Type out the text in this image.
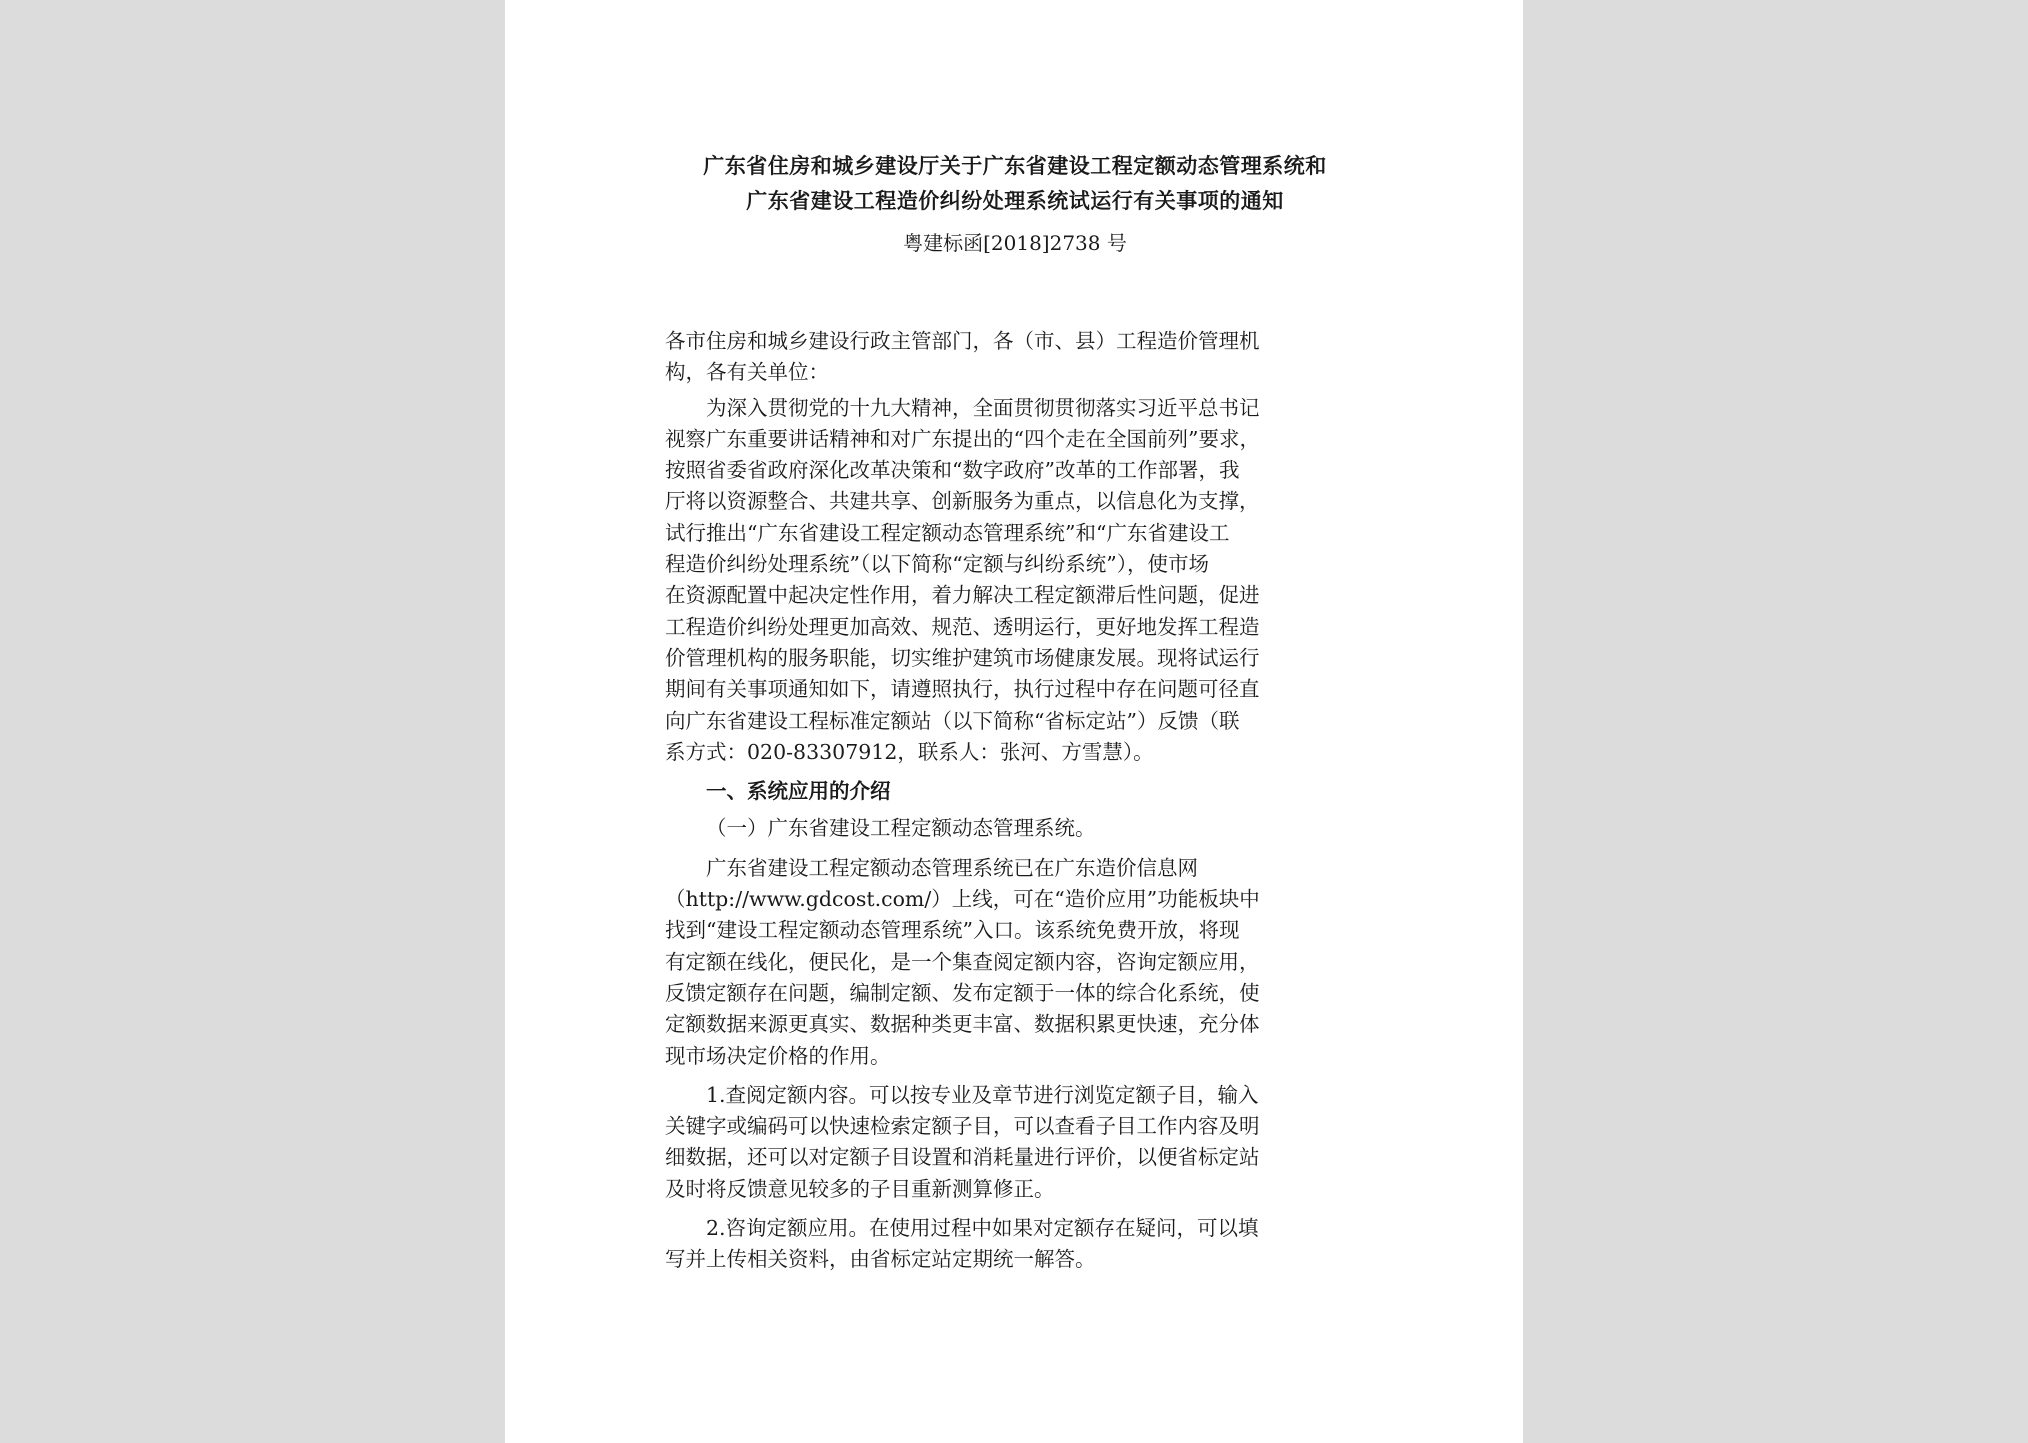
广东省住房和城乡建设厅关于广东省建设工程定额动态管理系统和
广东省建设工程造价纠纷处理系统试运行有关事项的通知
粤建标函[2018]2738 号

各市住房和城乡建设行政主管部门，各（市、县）工程造价管理机
构，各有关单位：

为深入贯彻党的十九大精神，全面贯彻贯彻落实习近平总书记
视察广东重要讲话精神和对广东提出的“四个走在全国前列”要求，
按照省委省政府深化改革决策和“数字政府”改革的工作部署，我
厅将以资源整合、共建共享、创新服务为重点，以信息化为支撑，
试行推出“广东省建设工程定额动态管理系统”和“广东省建设工
程造价纠纷处理系统”（以下简称“定额与纠纷系统”），使市场
在资源配置中起决定性作用，着力解决工程定额滞后性问题，促进
工程造价纠纷处理更加高效、规范、透明运行，更好地发挥工程造
价管理机构的服务职能，切实维护建筑市场健康发展。现将试运行
期间有关事项通知如下，请遵照执行，执行过程中存在问题可径直
向广东省建设工程标准定额站（以下简称“省标定站”）反馈（联
系方式：020-83307912，联系人：张河、方雪慧）。

一、系统应用的介绍
（一）广东省建设工程定额动态管理系统。

广东省建设工程定额动态管理系统已在广东造价信息网
（http://www.gdcost.com/）上线，可在“造价应用”功能板块中
找到“建设工程定额动态管理系统”入口。该系统免费开放，将现
有定额在线化，便民化，是一个集查阅定额内容，咨询定额应用，
反馈定额存在问题，编制定额、发布定额于一体的综合化系统，使
定额数据来源更真实、数据种类更丰富、数据积累更快速，充分体
现市场决定价格的作用。

1.查阅定额内容。可以按专业及章节进行浏览定额子目，输入
关键字或编码可以快速检索定额子目，可以查看子目工作内容及明
细数据，还可以对定额子目设置和消耗量进行评价，以便省标定站
及时将反馈意见较多的子目重新测算修正。

2.咨询定额应用。在使用过程中如果对定额存在疑问，可以填
写并上传相关资料，由省标定站定期统一解答。
